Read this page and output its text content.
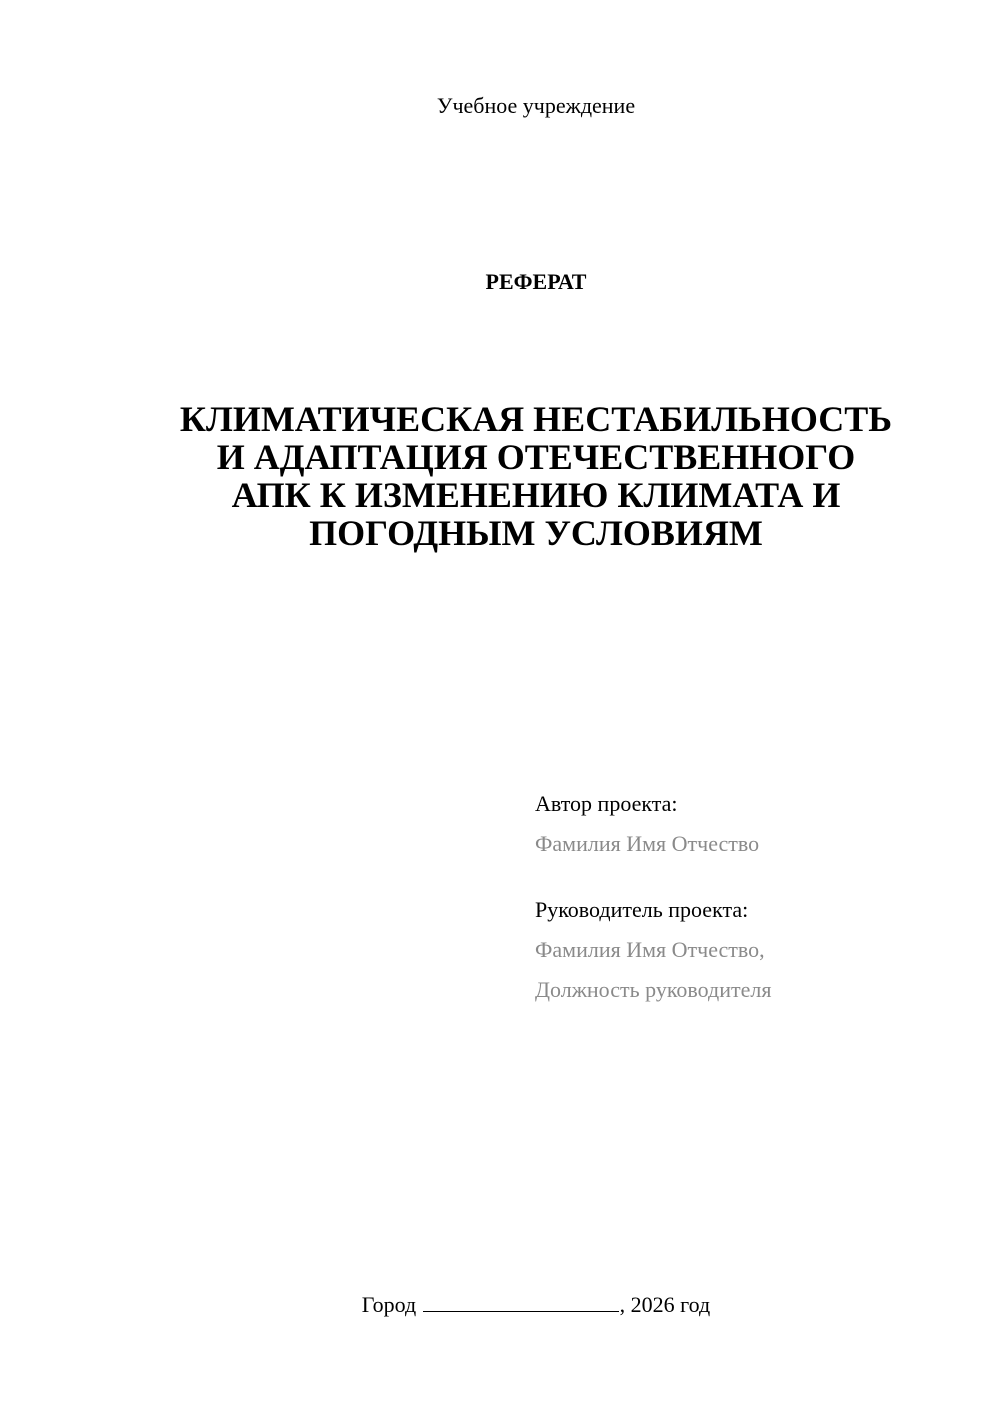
Учебное учреждение
РЕФЕРАТ
КЛИМАТИЧЕСКАЯ НЕСТАБИЛЬНОСТЬ
И АДАПТАЦИЯ ОТЕЧЕСТВЕННОГО
АПК К ИЗМЕНЕНИЮ КЛИМАТА И
ПОГОДНЫМ УСЛОВИЯМ
Автор проекта:
Фамилия Имя Отчество
Руководитель проекта:
Фамилия Имя Отчество,
Должность руководителя
Город	, 2026 год
